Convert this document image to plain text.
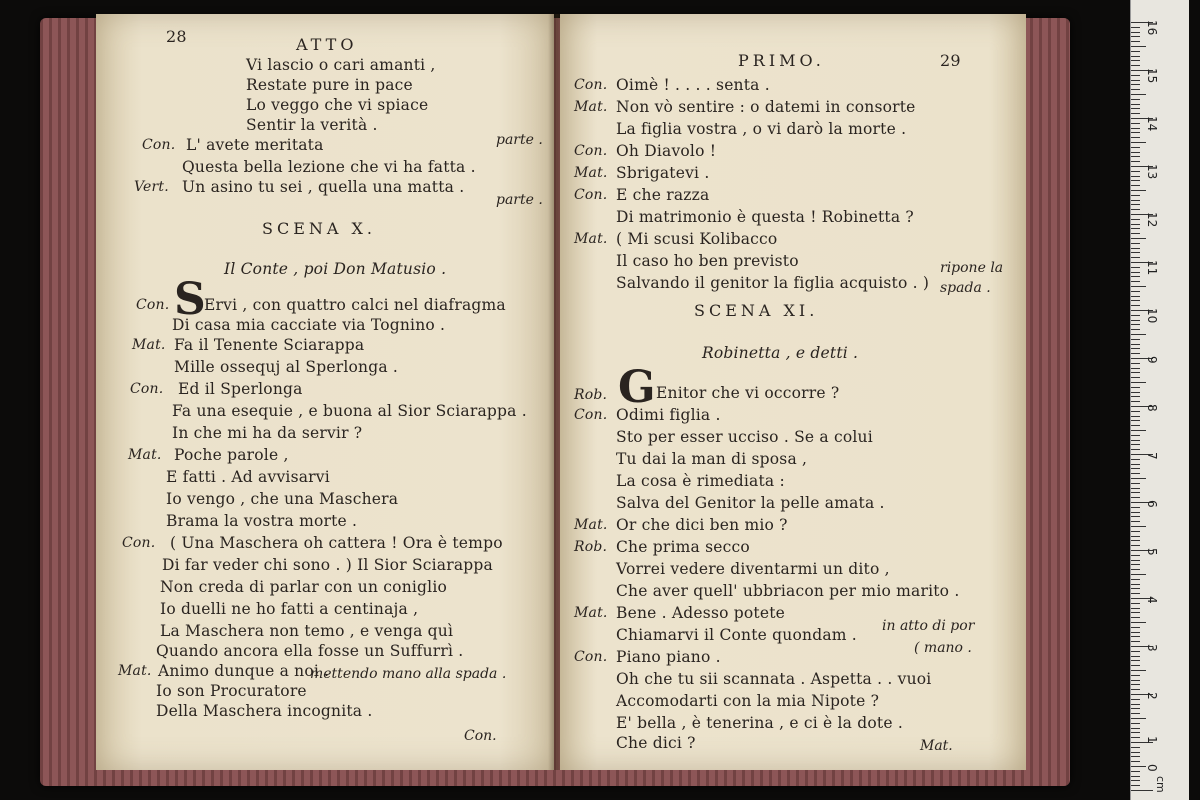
28	ATTO
Vi lascio o cari amanti ,
Restate pure in pace
Lo veggo che vi spiace
Sentir la verità .
Con. L' avete meritata	parte .
Questa bella lezione che vi ha fatta .
Vert. Un asino tu sei , quella una matta .
parte .
SCENA X.
Il Conte , poi Don Matusio .
S
Con. Ervi , con quattro calci nel diafragma
Di casa mia cacciate via Tognino .
Mat. Fa il Tenente Sciarappa
Mille ossequj al Sperlonga .
Con. Ed il Sperlonga
Fa una esequie , e buona al Sior Sciarappa .
In che mi ha da servir ?
Mat. Poche parole ,
E fatti . Ad avvisarvi
Io vengo , che una Maschera
Brama la vostra morte .
Con. ( Una Maschera oh cattera ! Ora è tempo
Di far veder chi sono . ) Il Sior Sciarappa
Non creda di parlar con un coniglio
Io duelli ne ho fatti a centinaja ,
La Maschera non temo , e venga quì
Quando ancora ella fosse un Suffurrì .
Mat. Animo dunque a noi .
mettendo mano alla spada .
Io son Procuratore
Della Maschera incognita .
Con.
PRIMO.	29
Con. Oimè ! . . . . senta .
Mat. Non vò sentire : o datemi in consorte
La figlia vostra , o vi darò la morte .
Con. Oh Diavolo !
Mat. Sbrigatevi .
Con. E che razza
Di matrimonio è questa ! Robinetta ?
Mat. ( Mi scusi Kolibacco
Il caso ho ben previsto
Salvando il genitor la figlia acquisto . )
ripone la
spada .
SCENA XI.
Robinetta , e detti .
G
Rob.	Enitor che vi occorre ?
Con. Odimi figlia .
Sto per esser ucciso . Se a colui
Tu dai la man di sposa ,
La cosa è rimediata :
Salva del Genitor la pelle amata .
Mat. Or che dici ben mio ?
Rob. Che prima secco
Vorrei vedere diventarmi un dito ,
Che aver quell' ubbriacon per mio marito .
Mat. Bene . Adesso potete
Chiamarvi il Conte quondam . in atto di por
Con. Piano piano .	( mano .
Oh che tu sii scannata . Aspetta . . vuoi
Accomodarti con la mia Nipote ?
E' bella , è tenerina , e ci è la dote .
Che dici ?	Mat.
16
15
14
13
12
11
10
9
8
7
6
5
4
3
2
1
0
cm
